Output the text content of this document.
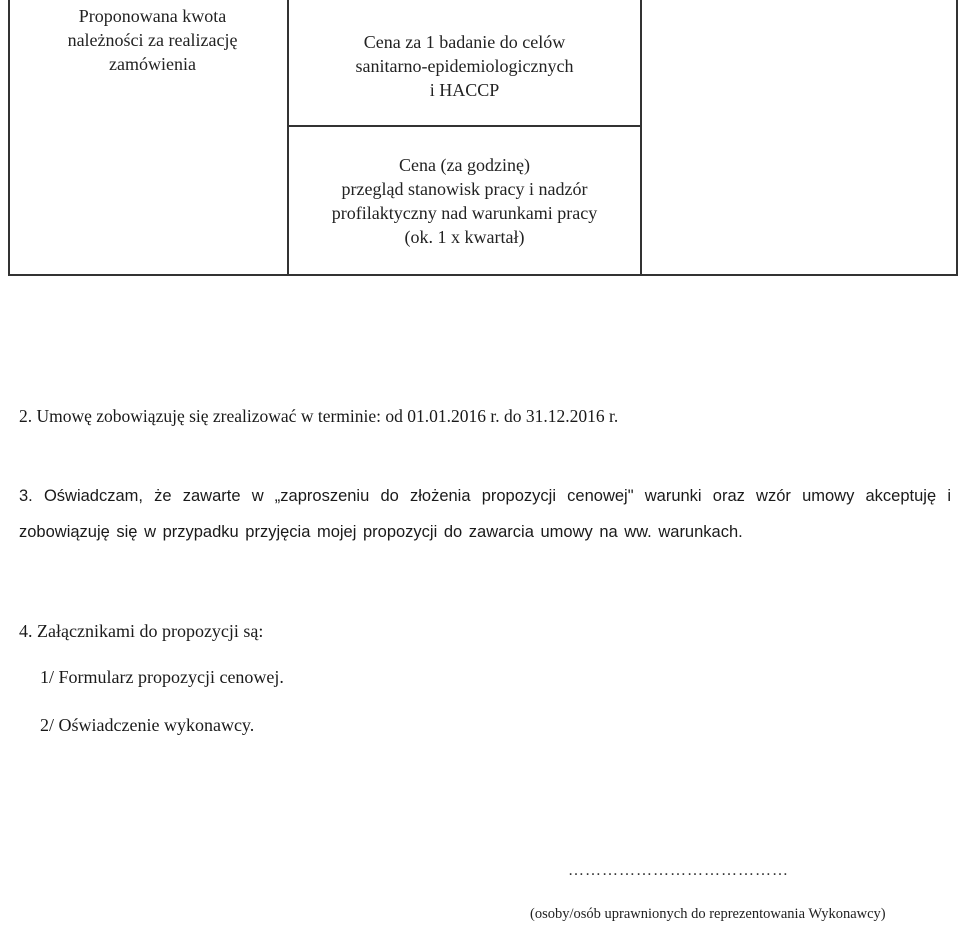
Proponowana kwota
należności za realizację
zamówienia
Cena za 1 badanie do celów
sanitarno-epidemiologicznych
i HACCP
Cena (za godzinę)
przegląd stanowisk pracy i nadzór
profilaktyczny nad warunkami pracy
(ok. 1 x kwartał)
2. Umowę zobowiązuję się zrealizować w terminie: od 01.01.2016 r. do 31.12.2016 r.
3. Oświadczam, że zawarte w „zaproszeniu do złożenia propozycji cenowej" warunki oraz wzór umowy akceptuję i zobowiązuję się w przypadku przyjęcia mojej propozycji do zawarcia umowy na ww. warunkach.
4. Załącznikami do propozycji są:
1/ Formularz propozycji cenowej.
2/ Oświadczenie wykonawcy.
…………………………………
(osoby/osób uprawnionych do reprezentowania Wykonawcy)
